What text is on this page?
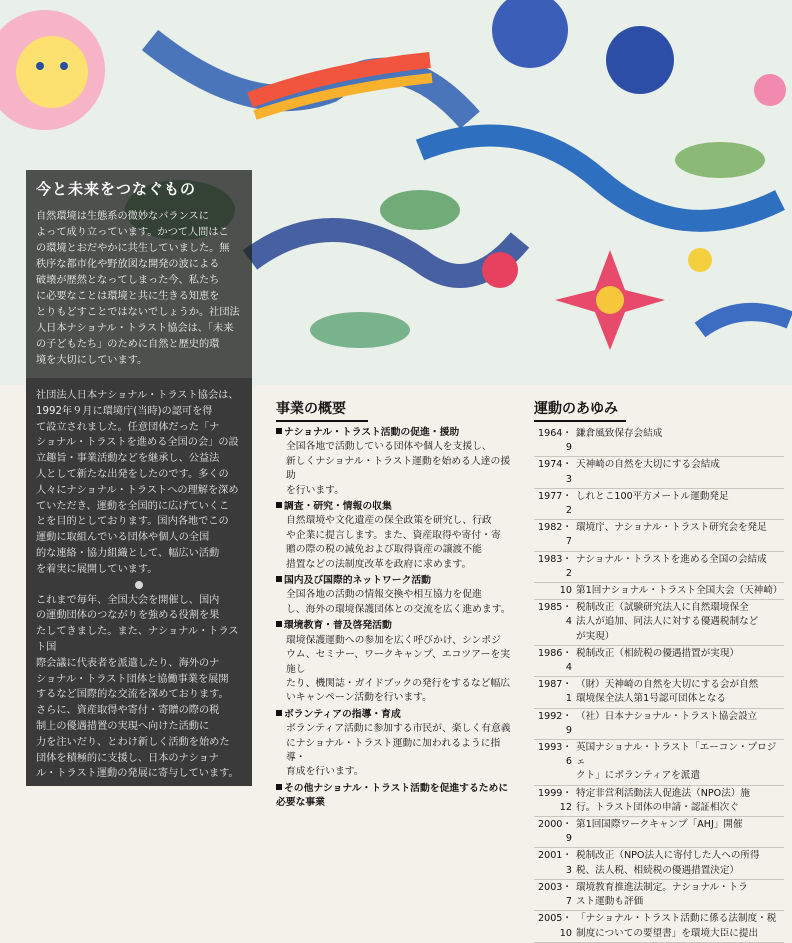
今と未来をつなぐもの
自然環境は生態系の微妙なバランスに
よって成り立っています。かつて人間はこ
の環境とおだやかに共生していました。無
秩序な都市化や野放図な開発の波による
破壊が歴然となってしまった今、私たち
に必要なことは環境と共に生きる知恵を
とりもどすことではないでしょうか。社団法
人日本ナショナル・トラスト協会は、「未来
の子どもたち」のために自然と歴史的環
境を大切にしています。
社団法人日本ナショナル・トラスト協会は、
1992年９月に環境庁(当時)の認可を得
て設立されました。任意団体だった「ナ
ショナル・トラストを進める全国の会」の設
立趣旨・事業活動などを継承し、公益法
人として新たな出発をしたのです。多くの
人々にナショナル・トラストへの理解を深め
ていただき、運動を全国的に広げていくこ
とを目的としております。国内各地でこの
運動に取組んでいる団体や個人の全国
的な連絡・協力組織として、幅広い活動
を着実に展開しています。
これまで毎年、全国大会を開催し、国内
の運動団体のつながりを強める役割を果
たしてきました。また、ナショナル・トラスト国
際会議に代表者を派遣したり、海外のナ
ショナル・トラスト団体と協働事業を展開
するなど国際的な交流を深めております。
さらに、資産取得や寄付・寄贈の際の税
制上の優遇措置の実現へ向けた活動に
力を注いだり、とわけ新しく活動を始めた
団体を積極的に支援し、日本のナショナ
ル・トラスト運動の発展に寄与しています。
事業の概要
ナショナル・トラスト活動の促進・援助
全国各地で活動している団体や個人を支援し、
新しくナショナル・トラスト運動を始める人達の援助
を行います。
調査・研究・情報の収集
自然環境や文化遺産の保全政策を研究し、行政
や企業に提言します。また、資産取得や寄付・寄
贈の際の税の減免および取得資産の譲渡不能
措置などの法制度改革を政府に求めます。
国内及び国際的ネットワーク活動
全国各地の活動の情報交換や相互協力を促進
し、海外の環境保護団体との交流を広く進めます。
環境教育・普及啓発活動
環境保護運動への参加を広く呼びかけ、シンポジ
ウム、セミナー、ワークキャンプ、エコツアーを実施し
たり、機関誌・ガイドブックの発行をするなど幅広
いキャンペーン活動を行います。
ボランティアの指導・育成
ボランティア活動に参加する市民が、楽しく有意義
にナショナル・トラスト運動に加われるように指導・
育成を行います。
その他ナショナル・トラスト活動を促進するために
必要な事業
運動のあゆみ
1964・9
鎌倉風致保存会結成
1974・3
天神崎の自然を大切にする会結成
1977・2
しれとこ100平方メートル運動発足
1982・7
環境庁、ナショナル・トラスト研究会を発足
1983・2
ナショナル・トラストを進める全国の会結成
10 第1回ナショナル・トラスト全国大会（天神崎）
1985・4
税制改正（試験研究法人に自然環境保全
法人が追加、同法人に対する優遇税制など
が実現）
1986・4
税制改正（相続税の優遇措置が実現）
1987・1
（財）天神崎の自然を大切にする会が自然
環境保全法人第1号認可団体となる
1992・9
（社）日本ナショナル・トラスト協会設立
1993・6
英国ナショナル・トラスト「エーコン・プロジェ
クト」にボランティアを派遣
1999・12
特定非営利活動法人促進法（NPO法）施
行。トラスト団体の申請・認証相次ぐ
2000・9
第1回国際ワークキャンプ「AHJ」開催
2001・3
税制改正（NPO法人に寄付した人への所得
税、法人税、相続税の優遇措置決定）
2003・7
環境教育推進法制定。ナショナル・トラ
スト運動も評価
2005・10
「ナショナル・トラスト活動に係る法制度・税
制度についての要望書」を環境大臣に提出
